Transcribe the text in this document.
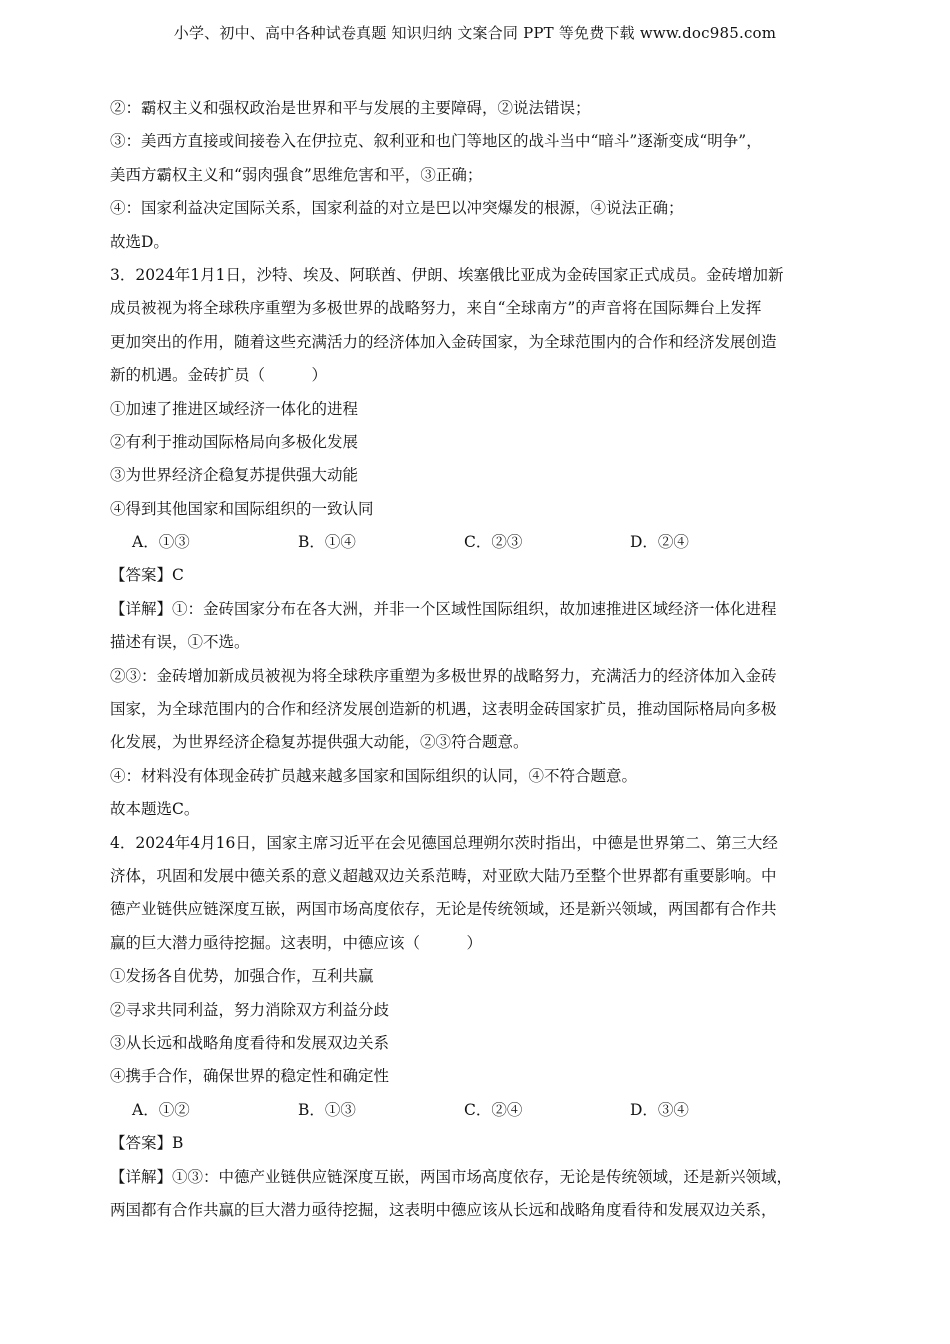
小学、初中、高中各种试卷真题 知识归纳 文案合同 PPT 等免费下载 www.doc985.com
②：霸权主义和强权政治是世界和平与发展的主要障碍，②说法错误；
③：美西方直接或间接卷入在伊拉克、叙利亚和也门等地区的战斗当中“暗斗”逐渐变成“明争”，
美西方霸权主义和“弱肉强食”思维危害和平，③正确；
④：国家利益决定国际关系，国家利益的对立是巴以冲突爆发的根源，④说法正确；
故选D。
3．2024年1月1日，沙特、埃及、阿联酋、伊朗、埃塞俄比亚成为金砖国家正式成员。金砖增加新
成员被视为将全球秩序重塑为多极世界的战略努力，来自“全球南方”的声音将在国际舞台上发挥
更加突出的作用，随着这些充满活力的经济体加入金砖国家，为全球范围内的合作和经济发展创造
新的机遇。金砖扩员（　　　）
①加速了推进区域经济一体化的进程
②有利于推动国际格局向多极化发展
③为世界经济企稳复苏提供强大动能
④得到其他国家和国际组织的一致认同
A．①③	B．①④	C．②③	D．②④
【答案】C
【详解】①：金砖国家分布在各大洲，并非一个区域性国际组织，故加速推进区域经济一体化进程
描述有误，①不选。
②③：金砖增加新成员被视为将全球秩序重塑为多极世界的战略努力，充满活力的经济体加入金砖
国家，为全球范围内的合作和经济发展创造新的机遇，这表明金砖国家扩员，推动国际格局向多极
化发展，为世界经济企稳复苏提供强大动能，②③符合题意。
④：材料没有体现金砖扩员越来越多国家和国际组织的认同，④不符合题意。
故本题选C。
4．2024年4月16日，国家主席习近平在会见德国总理朔尔茨时指出，中德是世界第二、第三大经
济体，巩固和发展中德关系的意义超越双边关系范畴，对亚欧大陆乃至整个世界都有重要影响。中
德产业链供应链深度互嵌，两国市场高度依存，无论是传统领域，还是新兴领域，两国都有合作共
赢的巨大潜力亟待挖掘。这表明，中德应该（　　　）
①发扬各自优势，加强合作，互利共赢
②寻求共同利益，努力消除双方利益分歧
③从长远和战略角度看待和发展双边关系
④携手合作，确保世界的稳定性和确定性
A．①②	B．①③	C．②④	D．③④
【答案】B
【详解】①③：中德产业链供应链深度互嵌，两国市场高度依存，无论是传统领域，还是新兴领域，
两国都有合作共赢的巨大潜力亟待挖掘，这表明中德应该从长远和战略角度看待和发展双边关系，
